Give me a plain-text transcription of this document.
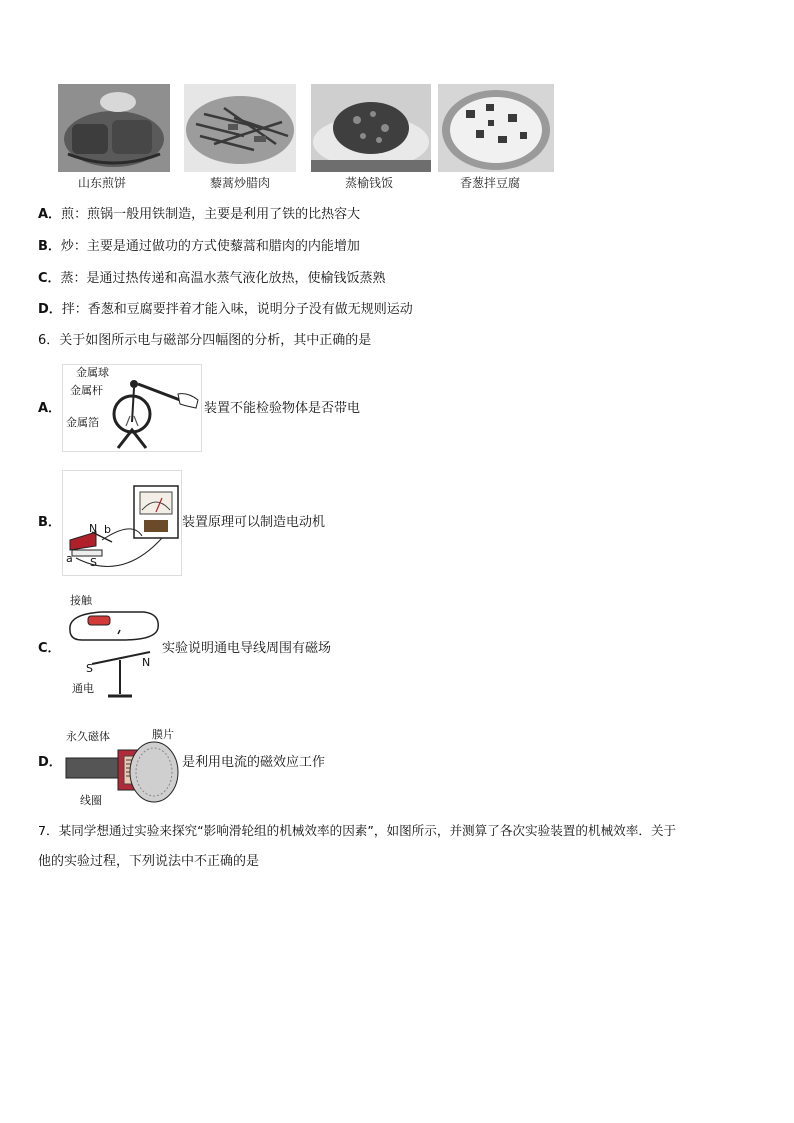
山东煎饼	藜蒿炒腊肉	蒸榆钱饭	香葱拌豆腐
A．煎：煎锅一般用铁制造，主要是利用了铁的比热容大
B．炒：主要是通过做功的方式使藜蒿和腊肉的内能增加
C．蒸：是通过热传递和高温水蒸气液化放热，使榆钱饭蒸熟
D．拌：香葱和豆腐要拌着才能入味，说明分子没有做无规则运动
6．关于如图所示电与磁部分四幅图的分析，其中正确的是
A．
金属球
金属杆
金属箔
装置不能检验物体是否带电
B．	N b
a S
装置原理可以制造电动机
C．
接触
S	N
通电
实验说明通电导线周围有磁场
D．
永久磁体	膜片
线圈
是利用电流的磁效应工作
7．某同学想通过实验来探究“影响滑轮组的机械效率的因素”，如图所示，并测算了各次实验装置的机械效率．关于
他的实验过程，下列说法中不正确的是
